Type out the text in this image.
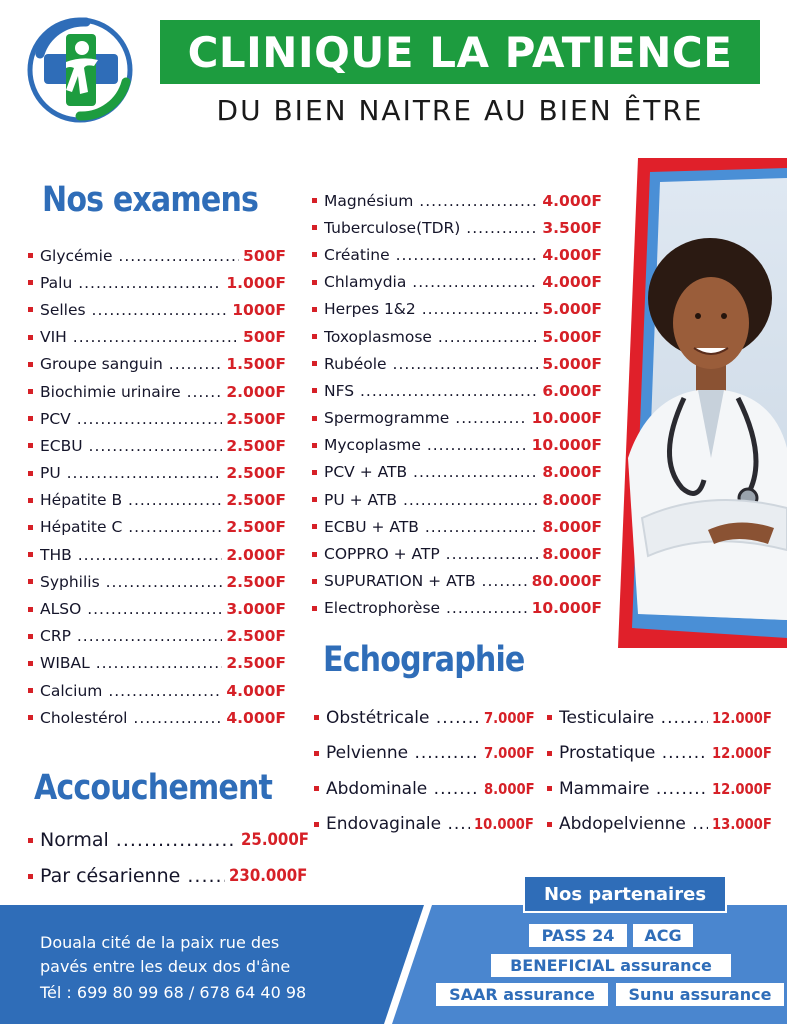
CLINIQUE LA PATIENCE
DU BIEN NAITRE AU BIEN ÊTRE
Nos examens
Glycémie .....	500F
Palu .....	1.000F
Selles .....	1000F
VIH .....	500F
Groupe sanguin .....	1.500F
Biochimie urinaire .....	2.000F
PCV .....	2.500F
ECBU .....	2.500F
PU .....	2.500F
Hépatite B .....	2.500F
Hépatite C .....	2.500F
THB .....	2.000F
Syphilis .....	2.500F
ALSO .....	3.000F
CRP .....	2.500F
WIBAL .....	2.500F
Calcium .....	4.000F
Cholestérol .....	4.000F
Magnésium .....	4.000F
Tuberculose(TDR) .....	3.500F
Créatine .....	4.000F
Chlamydia .....	4.000F
Herpes 1&2 .....	5.000F
Toxoplasmose .....	5.000F
Rubéole .....	5.000F
NFS .....	6.000F
Spermogramme .....	10.000F
Mycoplasme .....	10.000F
PCV + ATB .....	8.000F
PU + ATB .....	8.000F
ECBU + ATB .....	8.000F
COPPRO + ATP .....	8.000F
SUPURATION + ATB .....	80.000F
Electrophorèse .....	10.000F
Echographie
Obstétricale .....	7.000F
Pelvienne .....	7.000F
Abdominale .....	8.000F
Endovaginale .....	10.000F
Testiculaire .....	12.000F
Prostatique .....	12.000F
Mammaire .....	12.000F
Abdopelvienne .....	13.000F
Accouchement
Normal .....	25.000F
Par césarienne .....	230.000F
Douala cité de la paix rue des
pavés entre les deux dos d'âne
Tél : 699 80 99 68 / 678 64 40 98
Nos partenaires
PASS 24	ACG
BENEFICIAL assurance
SAAR assurance	Sunu assurance
